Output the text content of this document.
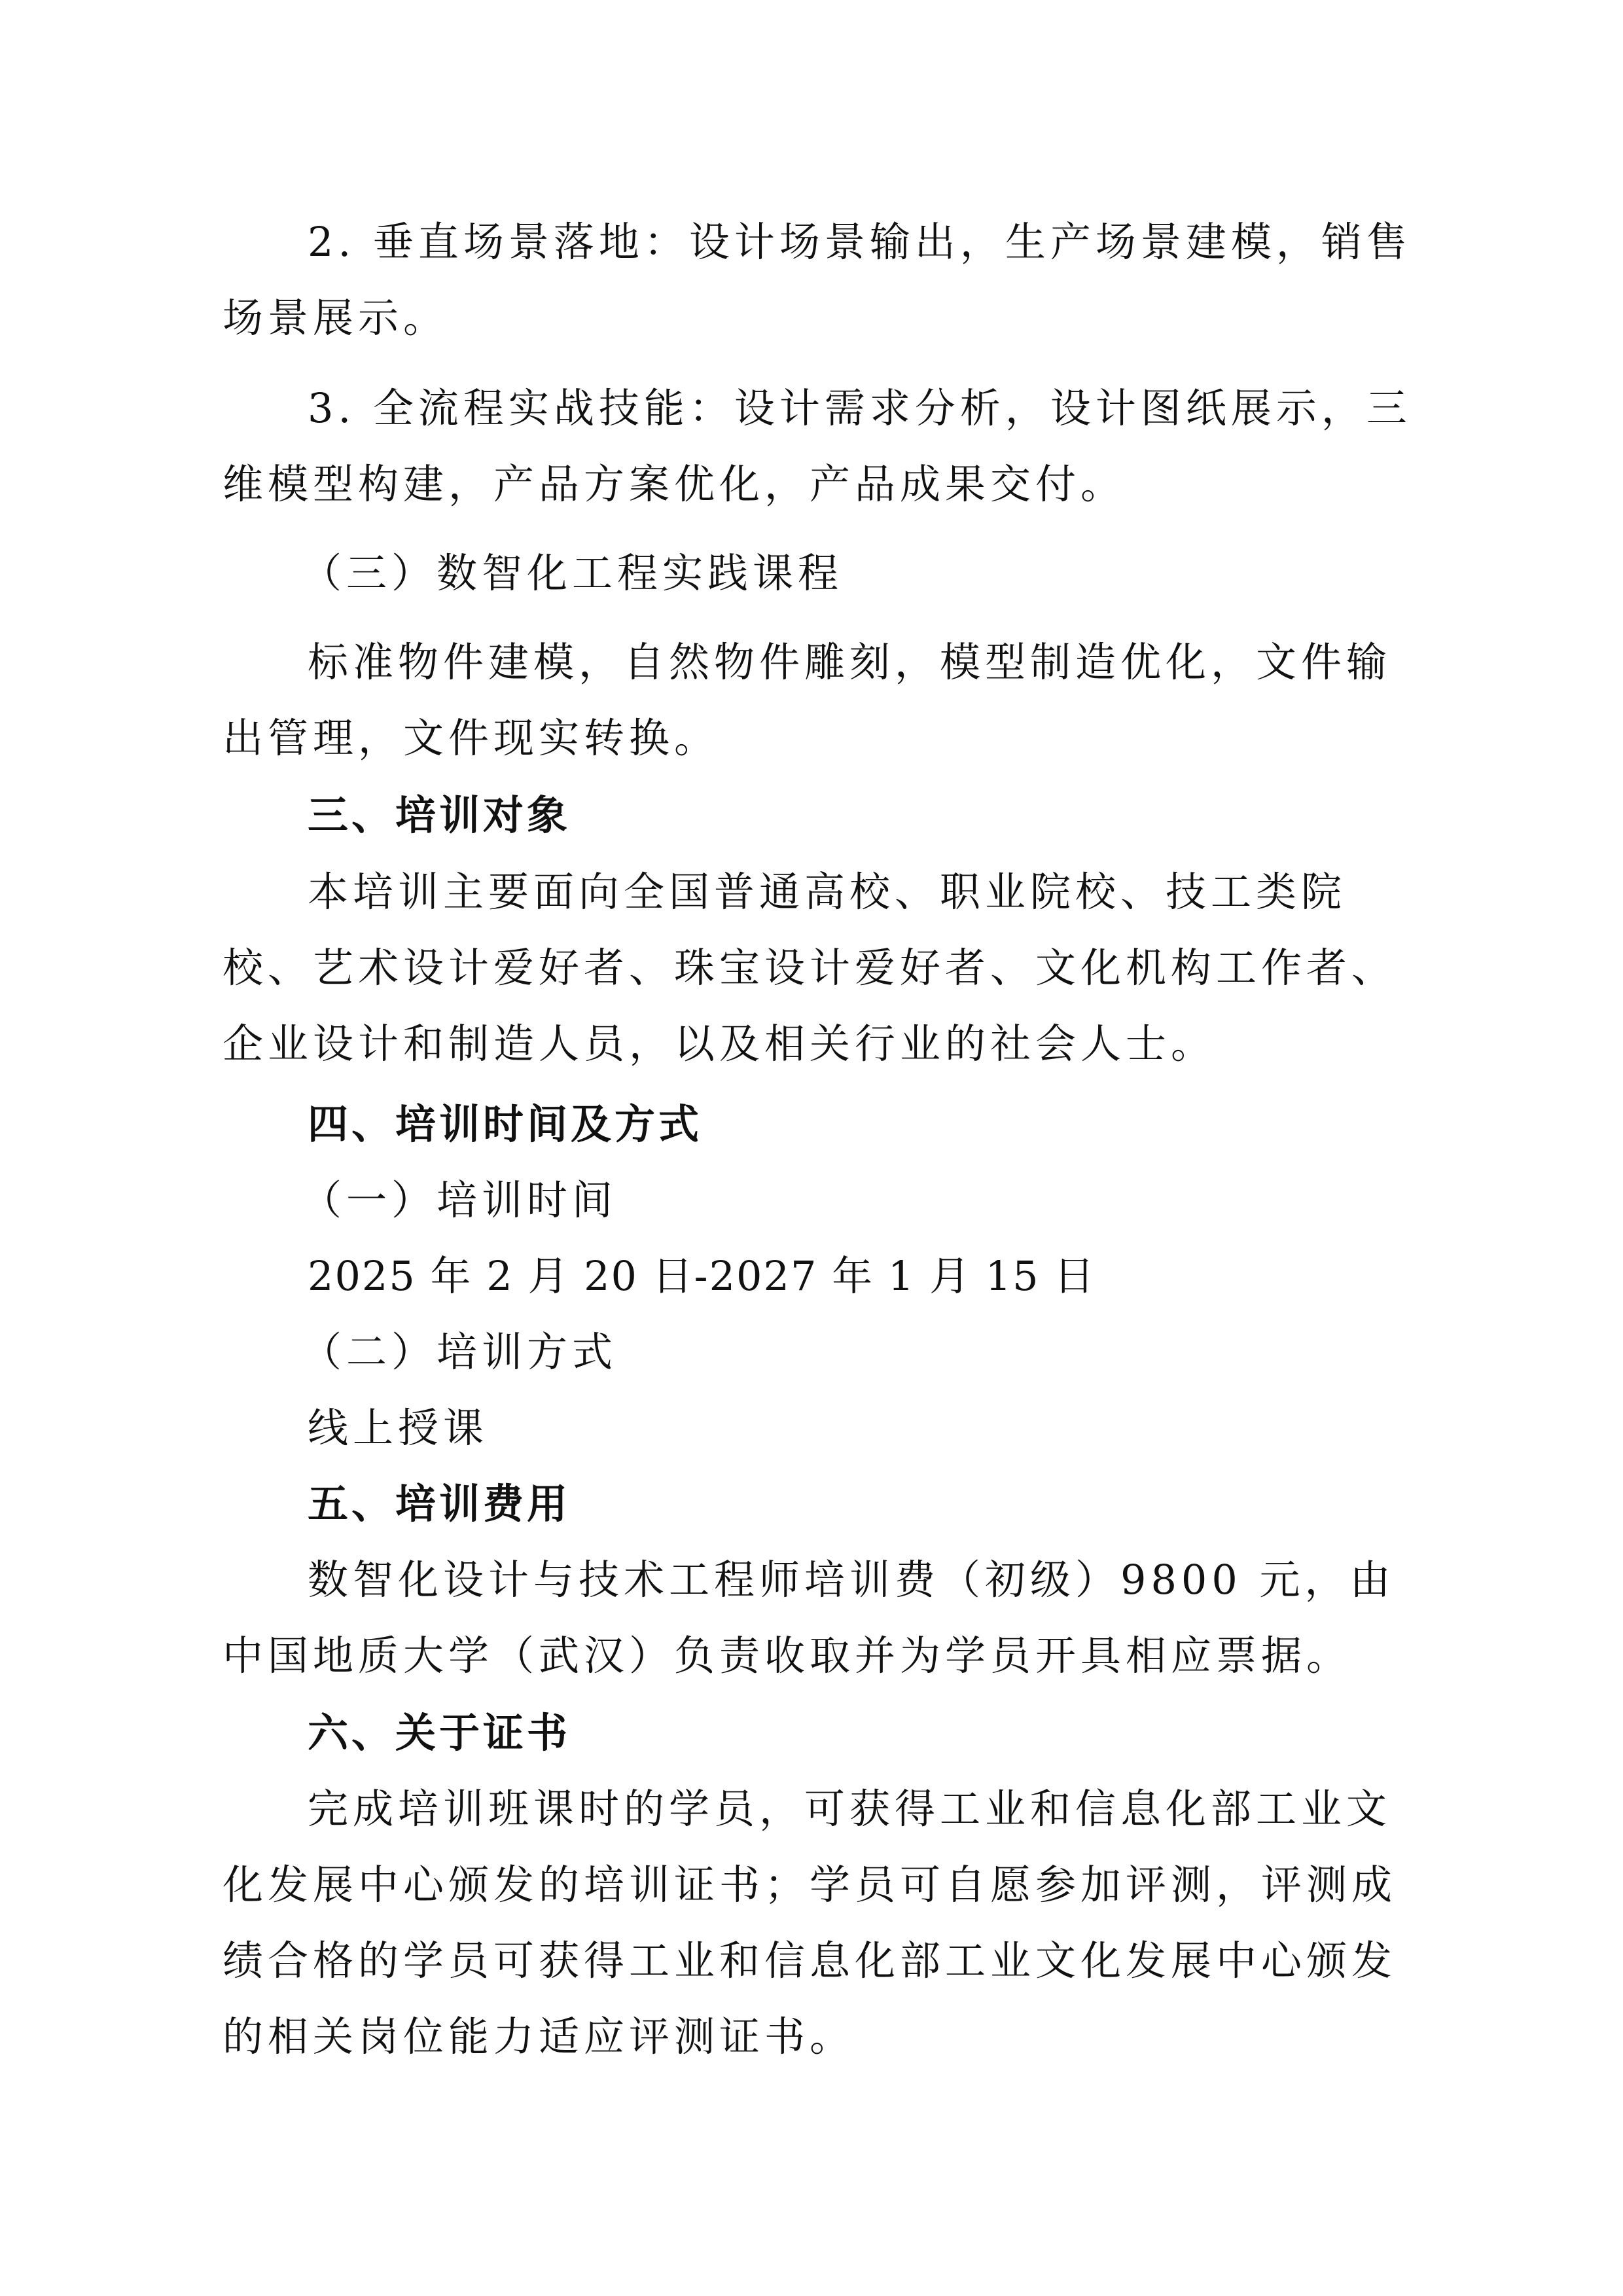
2. 垂直场景落地：设计场景输出，生产场景建模，销售场景展示。

3. 全流程实战技能：设计需求分析，设计图纸展示，三维模型构建，产品方案优化，产品成果交付。

（三）数智化工程实践课程

标准物件建模，自然物件雕刻，模型制造优化，文件输出管理，文件现实转换。

三、培训对象

本培训主要面向全国普通高校、职业院校、技工类院校、艺术设计爱好者、珠宝设计爱好者、文化机构工作者、企业设计和制造人员，以及相关行业的社会人士。

四、培训时间及方式

（一）培训时间

2025 年 2 月 20 日-2027 年 1 月 15 日

（二）培训方式

线上授课

五、培训费用

数智化设计与技术工程师培训费（初级）9800 元，由中国地质大学（武汉）负责收取并为学员开具相应票据。

六、关于证书

完成培训班课时的学员，可获得工业和信息化部工业文化发展中心颁发的培训证书；学员可自愿参加评测，评测成绩合格的学员可获得工业和信息化部工业文化发展中心颁发的相关岗位能力适应评测证书。
